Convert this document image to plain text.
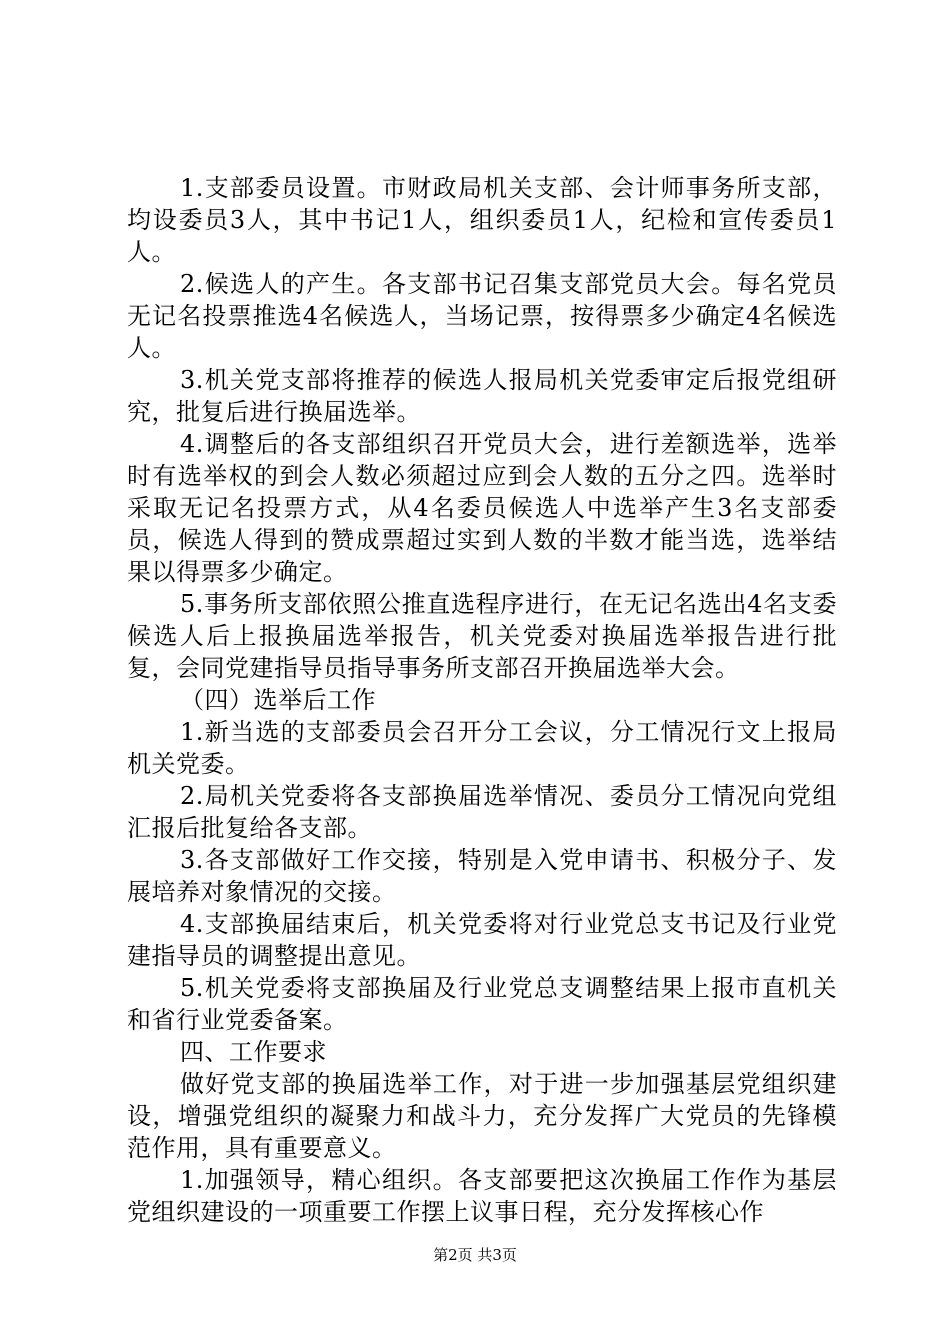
1.支部委员设置。市财政局机关支部、会计师事务所支部，均设委员3人，其中书记1人，组织委员1人，纪检和宣传委员1人。

2.候选人的产生。各支部书记召集支部党员大会。每名党员无记名投票推选4名候选人，当场记票，按得票多少确定4名候选人。

3.机关党支部将推荐的候选人报局机关党委审定后报党组研究，批复后进行换届选举。

4.调整后的各支部组织召开党员大会，进行差额选举，选举时有选举权的到会人数必须超过应到会人数的五分之四。选举时采取无记名投票方式，从4名委员候选人中选举产生3名支部委员，候选人得到的赞成票超过实到人数的半数才能当选，选举结果以得票多少确定。

5.事务所支部依照公推直选程序进行，在无记名选出4名支委候选人后上报换届选举报告，机关党委对换届选举报告进行批复，会同党建指导员指导事务所支部召开换届选举大会。

（四）选举后工作

1.新当选的支部委员会召开分工会议，分工情况行文上报局机关党委。

2.局机关党委将各支部换届选举情况、委员分工情况向党组汇报后批复给各支部。

3.各支部做好工作交接，特别是入党申请书、积极分子、发展培养对象情况的交接。

4.支部换届结束后，机关党委将对行业党总支书记及行业党建指导员的调整提出意见。

5.机关党委将支部换届及行业党总支调整结果上报市直机关和省行业党委备案。

四、工作要求

做好党支部的换届选举工作，对于进一步加强基层党组织建设，增强党组织的凝聚力和战斗力，充分发挥广大党员的先锋模范作用，具有重要意义。

1.加强领导，精心组织。各支部要把这次换届工作作为基层党组织建设的一项重要工作摆上议事日程，充分发挥核心作

第2页 共3页
